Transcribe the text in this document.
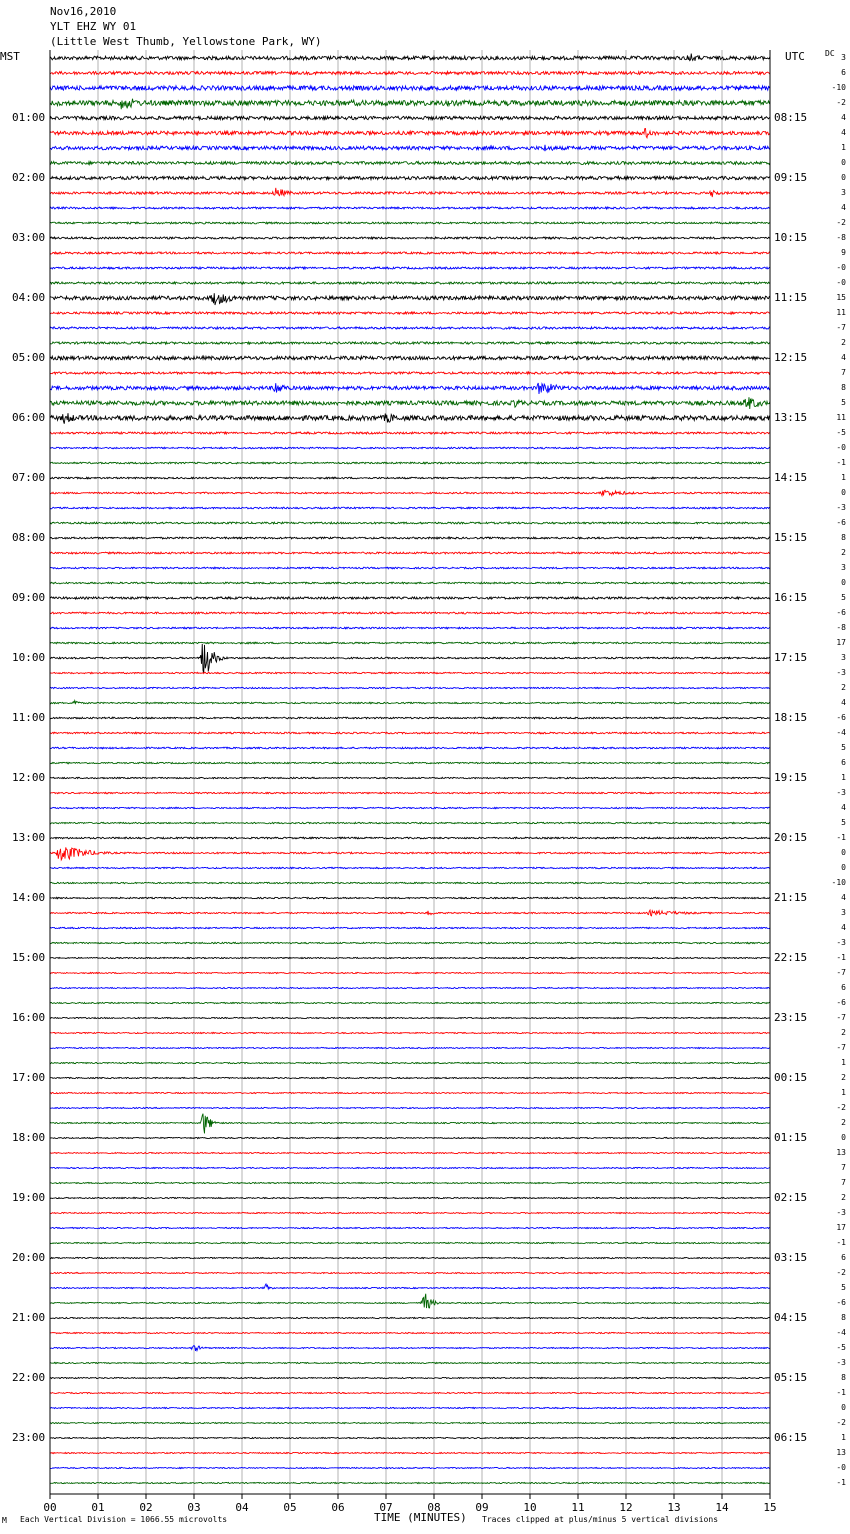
Nov16,2010
YLT EHZ WY 01
(Little West Thumb, Yellowstone Park, WY)
MST	UTC	DC
00	01	02	03	04	05	06	07	08	09	10	11	12	13	14	15
01:00
02:00
03:00
04:00
05:00
06:00
07:00
08:00
09:00
10:00
11:00
12:00
13:00
14:00
15:00
16:00
17:00
18:00
19:00
20:00
21:00
22:00
23:00
08:15
09:15
10:15
11:15
12:15
13:15
14:15
15:15
16:15
17:15
18:15
19:15
20:15
21:15
22:15
23:15
00:15
01:15
02:15
03:15
04:15
05:15
06:15
3
6
-10
-2
4
4
1
0
0
3
4
-2
-8
9
-0
-0
15
11
-7
2
4
7
8
5
11
-5
-0
-1
1
0
-3
-6
8
2
3
0
5
-6
-8
17
3
-3
2
4
-6
-4
5
6
1
-3
4
5
-1
0
0
-10
4
3
4
-3
-1
-7
6
-6
-7
2
-7
1
2
1
-2
2
0
13
7
7
2
-3
17
-1
6
-2
5
-6
8
-4
-5
-3
8
-1
0
-2
1
13
-0
-1
M Each Vertical Division = 1066.55 microvolts	TIME (MINUTES) Traces clipped at plus/minus 5 vertical divisions
